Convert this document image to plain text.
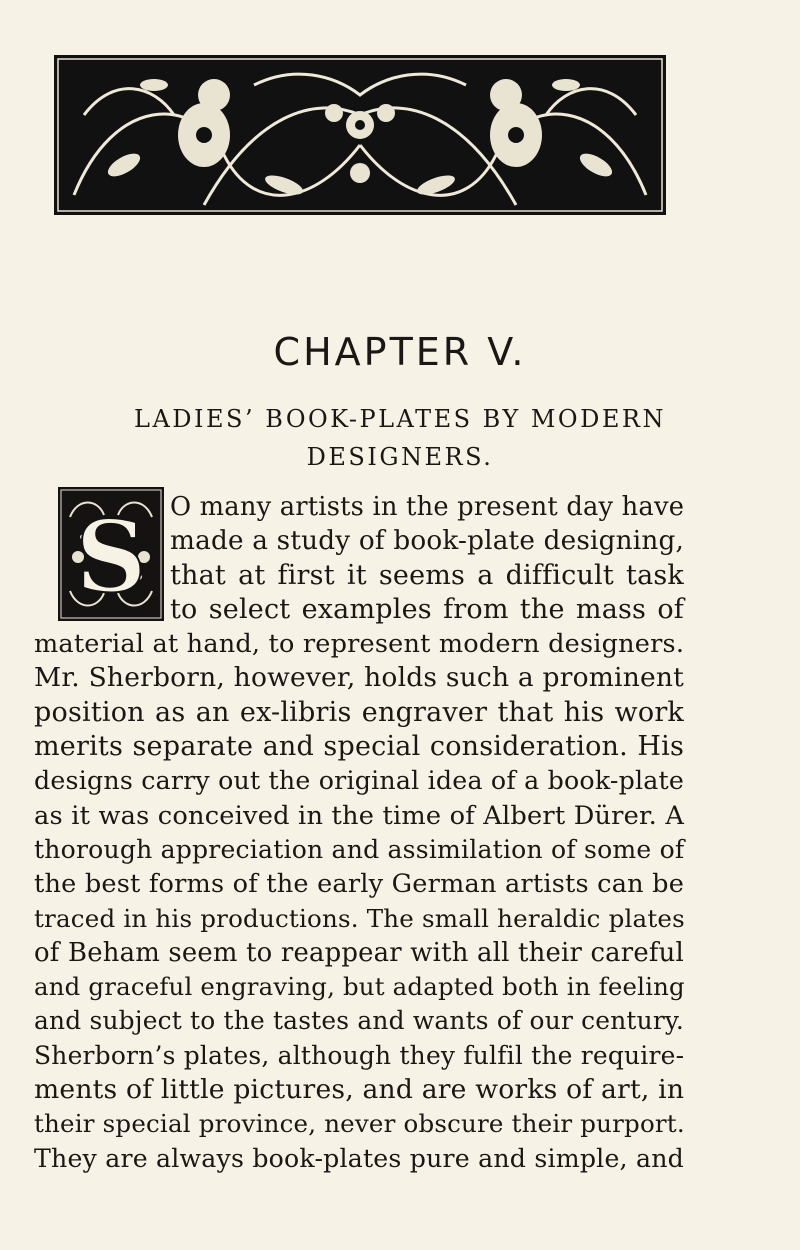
CHAPTER V.
LADIES’ BOOK-PLATES BY MODERN
DESIGNERS.
S O many artists in the present day have
made a study of book-plate designing,
that at first it seems a difficult task
to select examples from the mass of
material at hand, to represent modern designers.
Mr. Sherborn, however, holds such a prominent
position as an ex-libris engraver that his work
merits separate and special consideration. His
designs carry out the original idea of a book-plate
as it was conceived in the time of Albert Dürer. A
thorough appreciation and assimilation of some of
the best forms of the early German artists can be
traced in his productions. The small heraldic plates
of Beham seem to reappear with all their careful
and graceful engraving, but adapted both in feeling
and subject to the tastes and wants of our century.
Sherborn’s plates, although they fulfil the require-
ments of little pictures, and are works of art, in
their special province, never obscure their purport.
They are always book-plates pure and simple, and
